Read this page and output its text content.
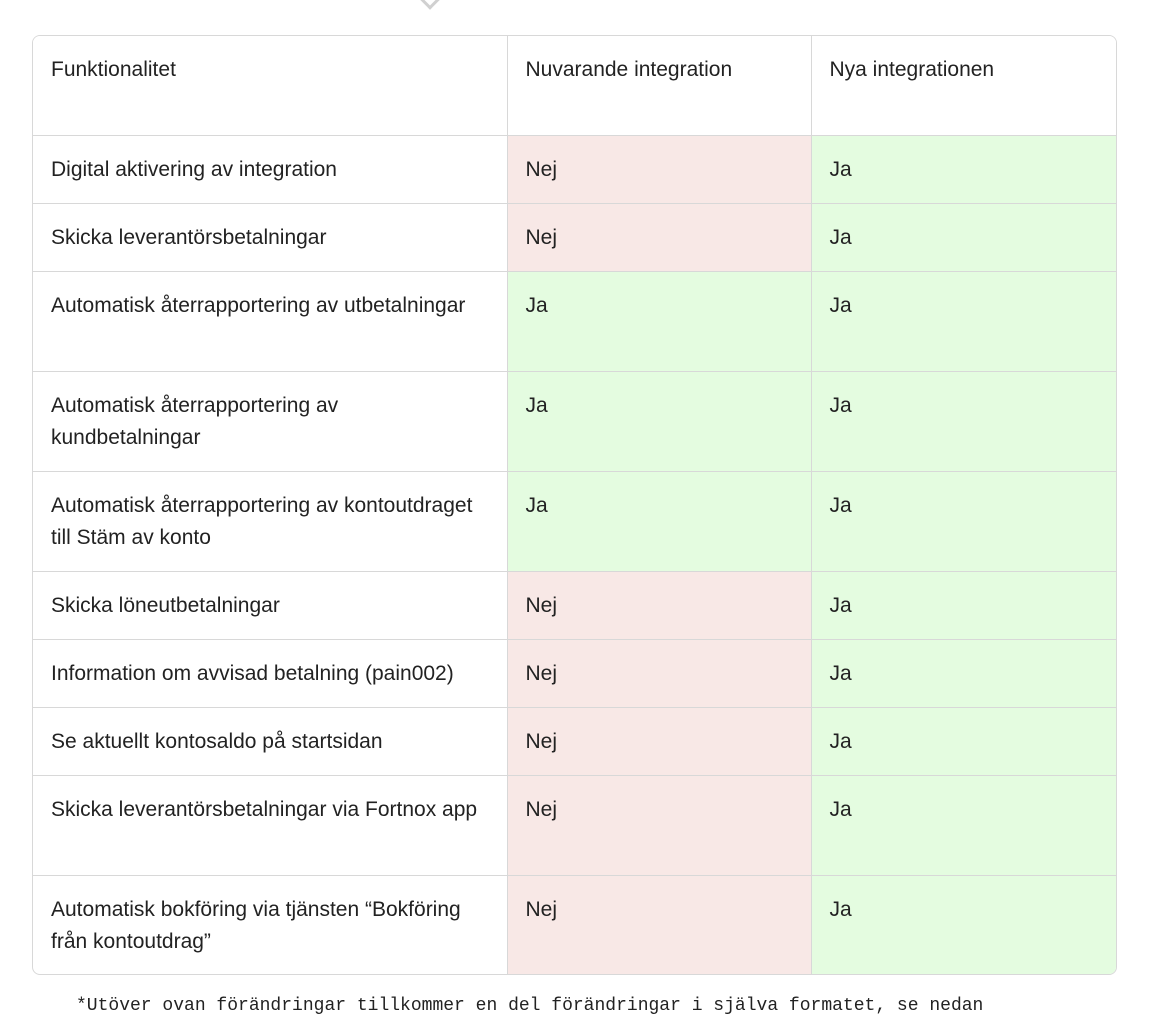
Funktionalitet	Nuvarande integration	Nya integrationen
Digital aktivering av integration	Nej	Ja
Skicka leverantörsbetalningar	Nej	Ja
Automatisk återrapportering av utbetalningar	Ja	Ja
Automatisk återrapportering av kundbetalningar	Ja	Ja
Automatisk återrapportering av kontoutdraget till Stäm av konto	Ja	Ja
Skicka löneutbetalningar	Nej	Ja
Information om avvisad betalning (pain002)	Nej	Ja
Se aktuellt kontosaldo på startsidan	Nej	Ja
Skicka leverantörsbetalningar via Fortnox app	Nej	Ja
Automatisk bokföring via tjänsten “Bokföring från kontoutdrag”	Nej	Ja
*Utöver ovan förändringar tillkommer en del förändringar i själva formatet, se nedan
